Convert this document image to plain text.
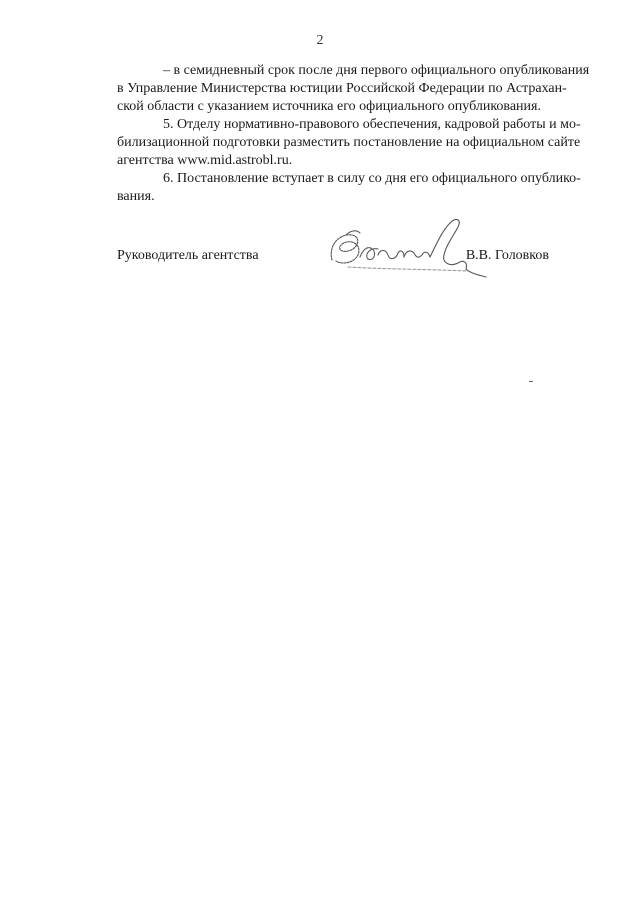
2

– в семидневный срок после дня первого официального опубликования
в Управление Министерства юстиции Российской Федерации по Астрахан-
ской области с указанием источника его официального опубликования.

5. Отделу нормативно-правового обеспечения, кадровой работы и мо-
билизационной подготовки разместить постановление на официальном сайте
агентства www.mid.astrobl.ru.

6. Постановление вступает в силу со дня его официального опублико-
вания.

Руководитель агентства	В.В. Головков
